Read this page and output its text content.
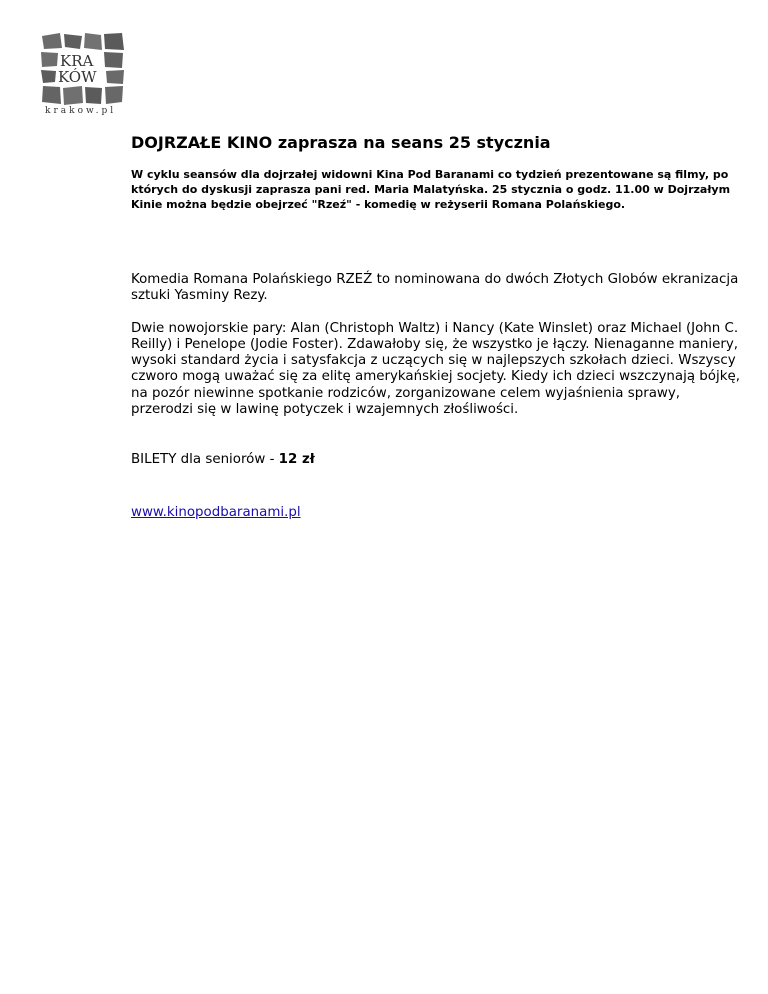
KRA
KÓW
krakow.pl
DOJRZAŁE KINO zaprasza na seans 25 stycznia

W cyklu seansów dla dojrzałej widowni Kina Pod Baranami co tydzień prezentowane są filmy, po których do dyskusji zaprasza pani red. Maria Malatyńska. 25 stycznia o godz. 11.00 w Dojrzałym Kinie można będzie obejrzeć "Rzeź" - komedię w reżyserii Romana Polańskiego.

Komedia Romana Polańskiego RZEŹ to nominowana do dwóch Złotych Globów ekranizacja sztuki Yasminy Rezy.

Dwie nowojorskie pary: Alan (Christoph Waltz) i Nancy (Kate Winslet) oraz Michael (John C. Reilly) i Penelope (Jodie Foster). Zdawałoby się, że wszystko je łączy. Nienaganne maniery, wysoki standard życia i satysfakcja z uczących się w najlepszych szkołach dzieci. Wszyscy czworo mogą uważać się za elitę amerykańskiej socjety. Kiedy ich dzieci wszczynają bójkę, na pozór niewinne spotkanie rodziców, zorganizowane celem wyjaśnienia sprawy, przerodzi się w lawinę potyczek i wzajemnych złośliwości.

BILETY dla seniorów - 12 zł

www.kinopodbaranami.pl
